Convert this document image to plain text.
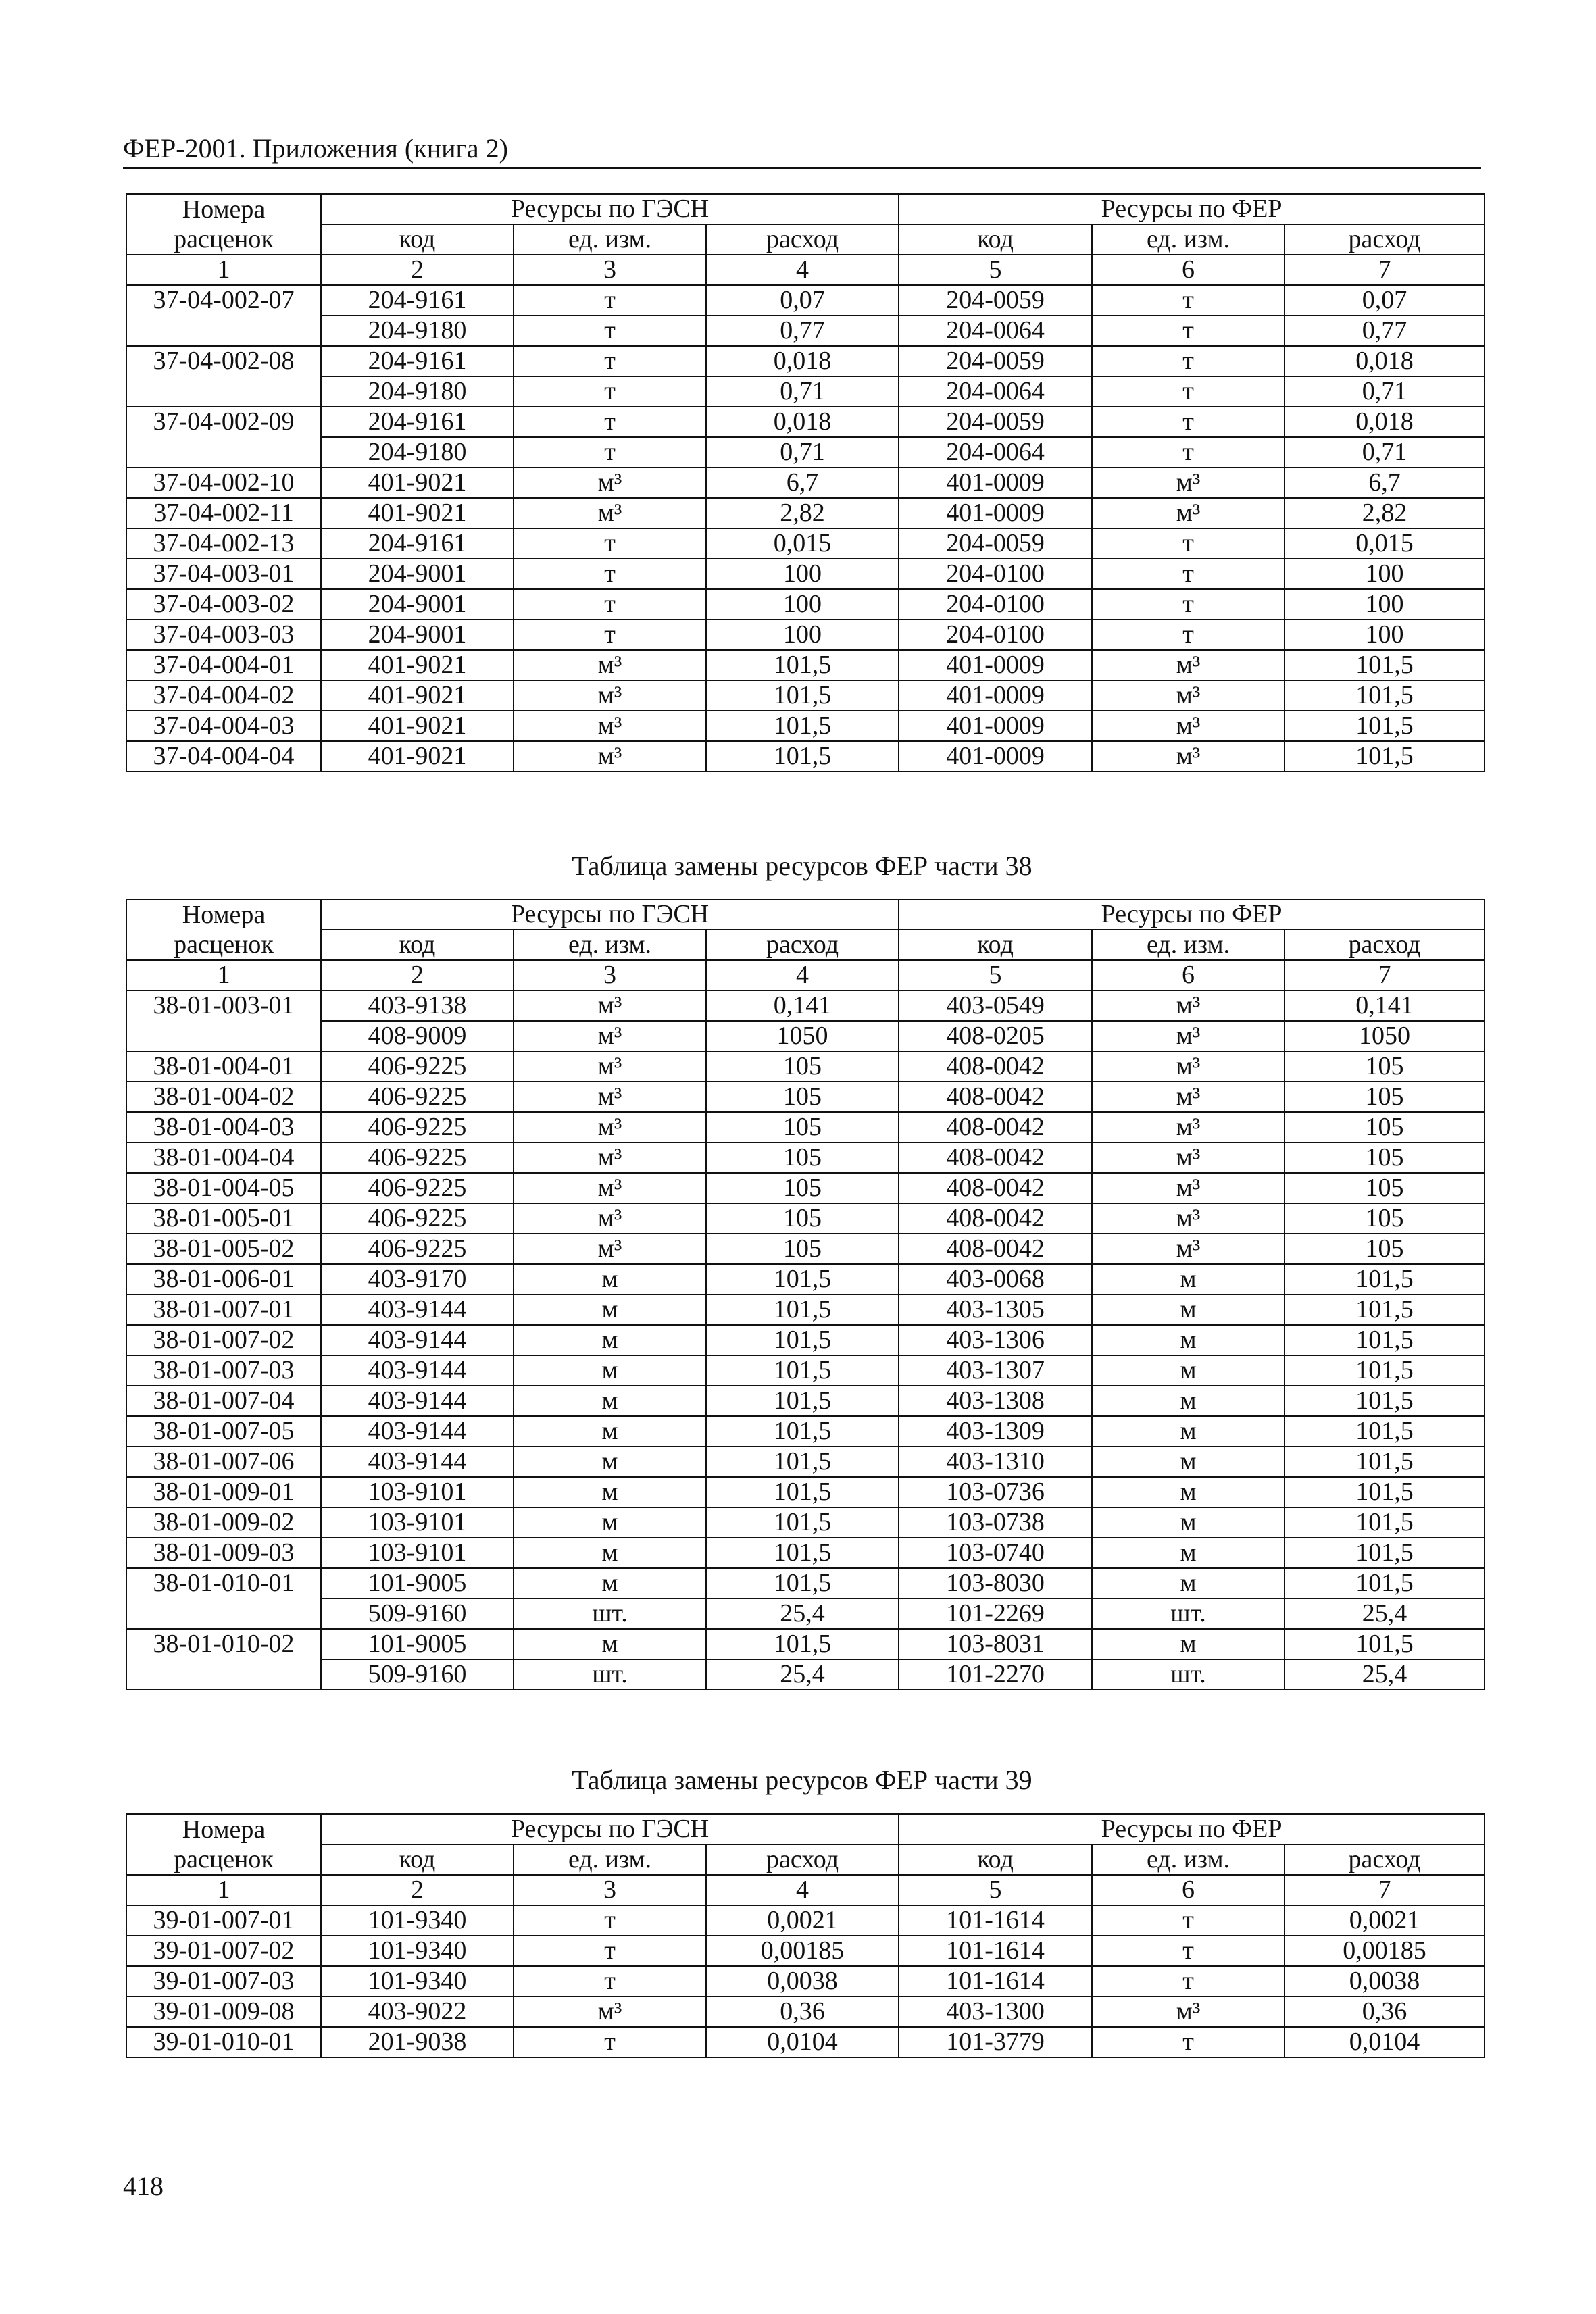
ФЕР-2001. Приложения (книга 2)
Номера	Ресурсы по ГЭСН			Ресурсы по ФЕР		
расценок	код	ед. изм.	расход	код	ед. изм.	расход
1	2	3	4	5	6	7
37-04-002-07	204-9161	т	0,07	204-0059	т	0,07
	204-9180	т	0,77	204-0064	т	0,77
37-04-002-08	204-9161	т	0,018	204-0059	т	0,018
	204-9180	т	0,71	204-0064	т	0,71
37-04-002-09	204-9161	т	0,018	204-0059	т	0,018
	204-9180	т	0,71	204-0064	т	0,71
37-04-002-10	401-9021	м³	6,7	401-0009	м³	6,7
37-04-002-11	401-9021	м³	2,82	401-0009	м³	2,82
37-04-002-13	204-9161	т	0,015	204-0059	т	0,015
37-04-003-01	204-9001	т	100	204-0100	т	100
37-04-003-02	204-9001	т	100	204-0100	т	100
37-04-003-03	204-9001	т	100	204-0100	т	100
37-04-004-01	401-9021	м³	101,5	401-0009	м³	101,5
37-04-004-02	401-9021	м³	101,5	401-0009	м³	101,5
37-04-004-03	401-9021	м³	101,5	401-0009	м³	101,5
37-04-004-04	401-9021	м³	101,5	401-0009	м³	101,5
Таблица замены ресурсов ФЕР части 38
Номера	Ресурсы по ГЭСН			Ресурсы по ФЕР		
расценок	код	ед. изм.	расход	код	ед. изм.	расход
1	2	3	4	5	6	7
38-01-003-01	403-9138	м³	0,141	403-0549	м³	0,141
	408-9009	м³	1050	408-0205	м³	1050
38-01-004-01	406-9225	м³	105	408-0042	м³	105
38-01-004-02	406-9225	м³	105	408-0042	м³	105
38-01-004-03	406-9225	м³	105	408-0042	м³	105
38-01-004-04	406-9225	м³	105	408-0042	м³	105
38-01-004-05	406-9225	м³	105	408-0042	м³	105
38-01-005-01	406-9225	м³	105	408-0042	м³	105
38-01-005-02	406-9225	м³	105	408-0042	м³	105
38-01-006-01	403-9170	м	101,5	403-0068	м	101,5
38-01-007-01	403-9144	м	101,5	403-1305	м	101,5
38-01-007-02	403-9144	м	101,5	403-1306	м	101,5
38-01-007-03	403-9144	м	101,5	403-1307	м	101,5
38-01-007-04	403-9144	м	101,5	403-1308	м	101,5
38-01-007-05	403-9144	м	101,5	403-1309	м	101,5
38-01-007-06	403-9144	м	101,5	403-1310	м	101,5
38-01-009-01	103-9101	м	101,5	103-0736	м	101,5
38-01-009-02	103-9101	м	101,5	103-0738	м	101,5
38-01-009-03	103-9101	м	101,5	103-0740	м	101,5
38-01-010-01	101-9005	м	101,5	103-8030	м	101,5
	509-9160	шт.	25,4	101-2269	шт.	25,4
38-01-010-02	101-9005	м	101,5	103-8031	м	101,5
	509-9160	шт.	25,4	101-2270	шт.	25,4
Таблица замены ресурсов ФЕР части 39
Номера	Ресурсы по ГЭСН			Ресурсы по ФЕР		
расценок	код	ед. изм.	расход	код	ед. изм.	расход
1	2	3	4	5	6	7
39-01-007-01	101-9340	т	0,0021	101-1614	т	0,0021
39-01-007-02	101-9340	т	0,00185	101-1614	т	0,00185
39-01-007-03	101-9340	т	0,0038	101-1614	т	0,0038
39-01-009-08	403-9022	м³	0,36	403-1300	м³	0,36
39-01-010-01	201-9038	т	0,0104	101-3779	т	0,0104
418
